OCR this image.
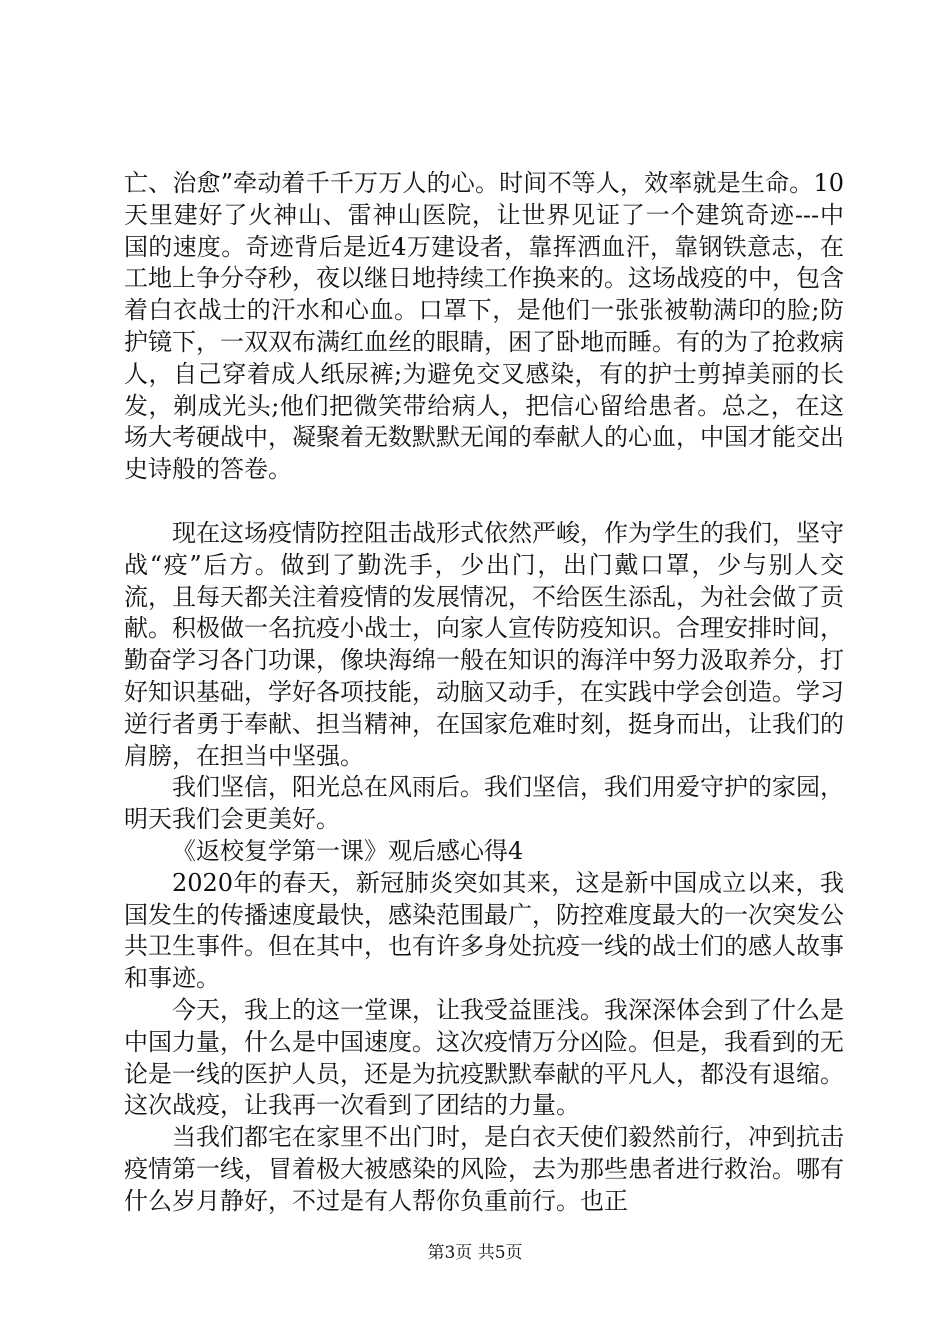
亡、治愈”牵动着千千万万人的心。时间不等人，效率就是生命。10天里建好了火神山、雷神山医院，让世界见证了一个建筑奇迹---中国的速度。奇迹背后是近4万建设者，靠挥洒血汗，靠钢铁意志，在工地上争分夺秒，夜以继日地持续工作换来的。这场战疫的中，包含着白衣战士的汗水和心血。口罩下，是他们一张张被勒满印的脸;防护镜下，一双双布满红血丝的眼睛，困了卧地而睡。有的为了抢救病人，自己穿着成人纸尿裤;为避免交叉感染，有的护士剪掉美丽的长发，剃成光头;他们把微笑带给病人，把信心留给患者。总之，在这场大考硬战中，凝聚着无数默默无闻的奉献人的心血，中国才能交出史诗般的答卷。

现在这场疫情防控阻击战形式依然严峻，作为学生的我们，坚守战“疫”后方。做到了勤洗手，少出门，出门戴口罩，少与别人交流，且每天都关注着疫情的发展情况，不给医生添乱，为社会做了贡献。积极做一名抗疫小战士，向家人宣传防疫知识。合理安排时间，勤奋学习各门功课，像块海绵一般在知识的海洋中努力汲取养分，打好知识基础，学好各项技能，动脑又动手，在实践中学会创造。学习逆行者勇于奉献、担当精神，在国家危难时刻，挺身而出，让我们的肩膀，在担当中坚强。

我们坚信，阳光总在风雨后。我们坚信，我们用爱守护的家园，明天我们会更美好。

《返校复学第一课》观后感心得4

2020年的春天，新冠肺炎突如其来，这是新中国成立以来，我国发生的传播速度最快，感染范围最广，防控难度最大的一次突发公共卫生事件。但在其中，也有许多身处抗疫一线的战士们的感人故事和事迹。

今天，我上的这一堂课，让我受益匪浅。我深深体会到了什么是中国力量，什么是中国速度。这次疫情万分凶险。但是，我看到的无论是一线的医护人员，还是为抗疫默默奉献的平凡人，都没有退缩。这次战疫，让我再一次看到了团结的力量。

当我们都宅在家里不出门时，是白衣天使们毅然前行，冲到抗击疫情第一线，冒着极大被感染的风险，去为那些患者进行救治。哪有什么岁月静好，不过是有人帮你负重前行。也正

第3页 共5页
